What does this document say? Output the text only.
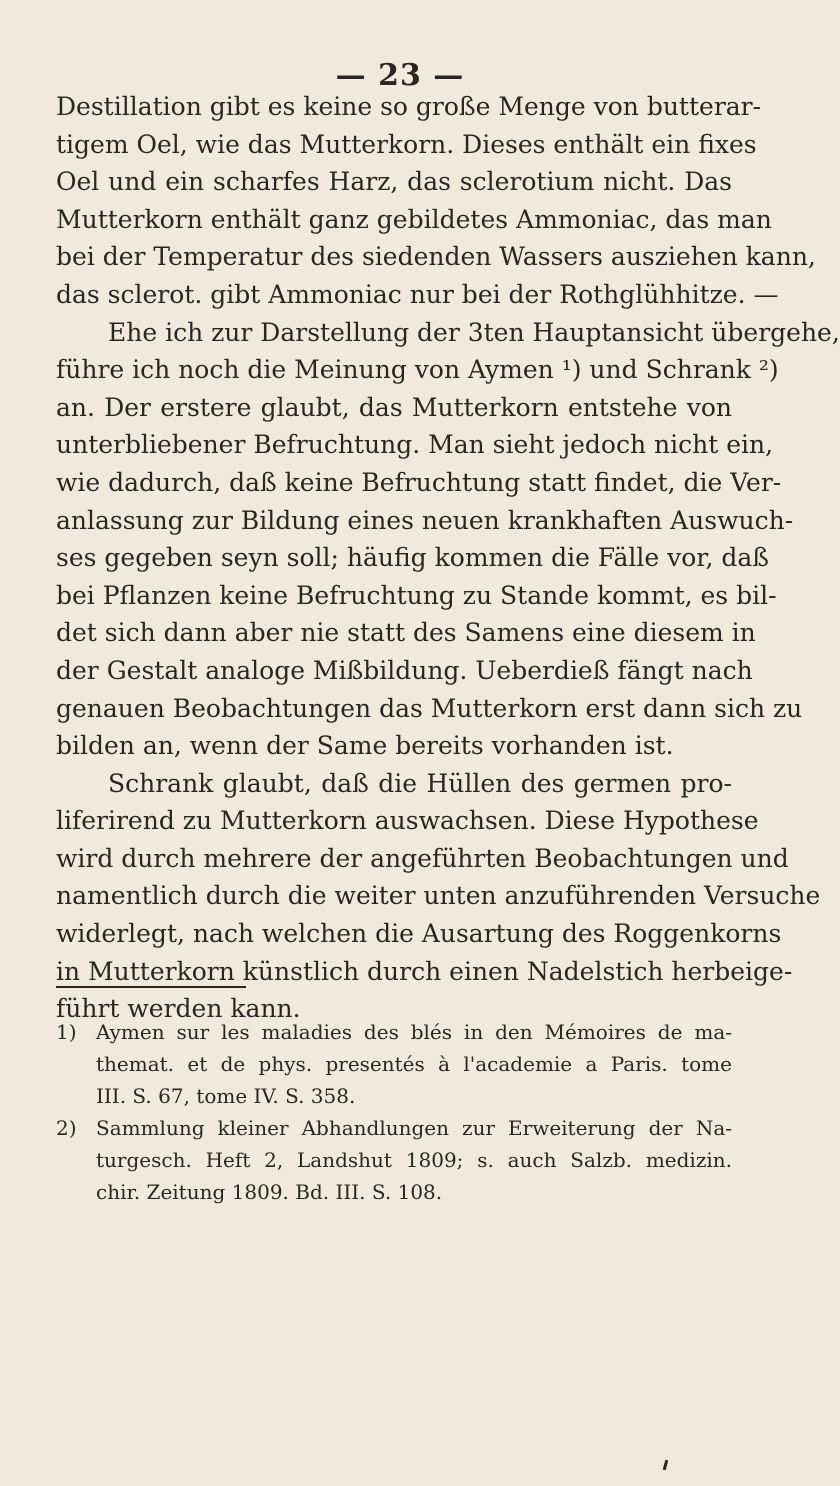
— 23 —
Destillation gibt es keine so große Menge von butterar-
tigem Oel, wie das Mutterkorn. Dieses enthält ein fixes
Oel und ein scharfes Harz, das sclerotium nicht. Das
Mutterkorn enthält ganz gebildetes Ammoniac, das man
bei der Temperatur des siedenden Wassers ausziehen kann,
das sclerot. gibt Ammoniac nur bei der Rothglühhitze. —
Ehe ich zur Darstellung der 3ten Hauptansicht übergehe,
führe ich noch die Meinung von Aymen ¹) und Schrank ²)
an. Der erstere glaubt, das Mutterkorn entstehe von
unterbliebener Befruchtung. Man sieht jedoch nicht ein,
wie dadurch, daß keine Befruchtung statt findet, die Ver-
anlassung zur Bildung eines neuen krankhaften Auswuch-
ses gegeben seyn soll; häufig kommen die Fälle vor, daß
bei Pflanzen keine Befruchtung zu Stande kommt, es bil-
det sich dann aber nie statt des Samens eine diesem in
der Gestalt analoge Mißbildung. Ueberdieß fängt nach
genauen Beobachtungen das Mutterkorn erst dann sich zu
bilden an, wenn der Same bereits vorhanden ist.
Schrank glaubt, daß die Hüllen des germen pro-
liferirend zu Mutterkorn auswachsen. Diese Hypothese
wird durch mehrere der angeführten Beobachtungen und
namentlich durch die weiter unten anzuführenden Versuche
widerlegt, nach welchen die Ausartung des Roggenkorns
in Mutterkorn künstlich durch einen Nadelstich herbeige-
führt werden kann.
1) Aymen sur les maladies des blés in den Mémoires de ma-
themat. et de phys. presentés à l'academie a Paris. tome
III. S. 67, tome IV. S. 358.
2) Sammlung kleiner Abhandlungen zur Erweiterung der Na-
turgesch. Heft 2, Landshut 1809; s. auch Salzb. medizin.
chir. Zeitung 1809. Bd. III. S. 108.
